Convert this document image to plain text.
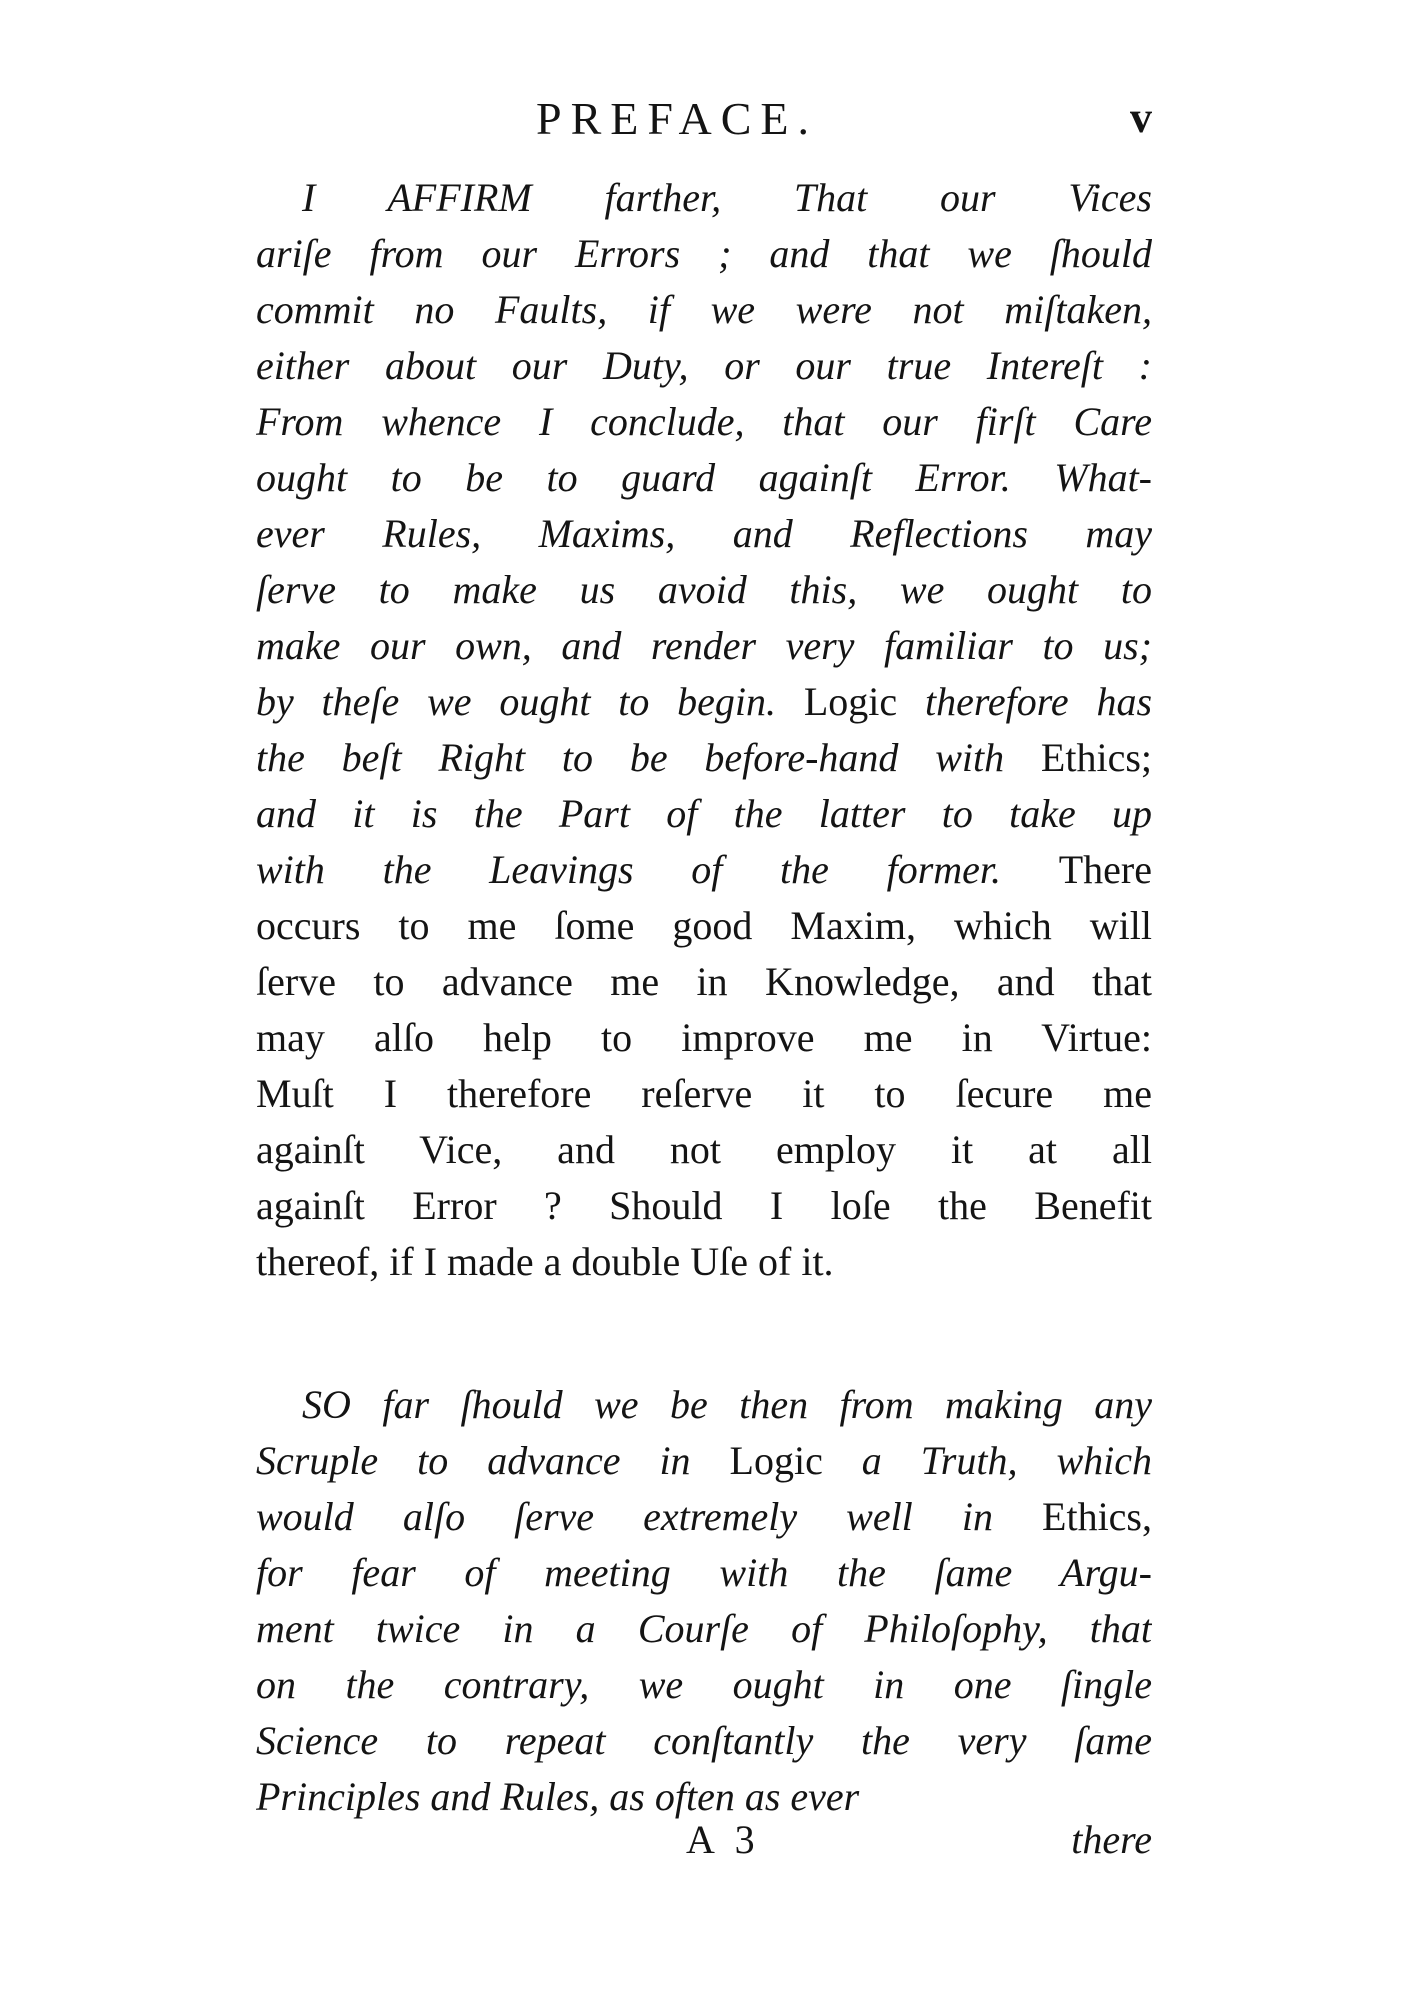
PREFACE.	v
I AFFIRM farther, That our Vices
ariſe from our Errors ; and that we ſhould
commit no Faults, if we were not miſtaken,
either about our Duty, or our true Intereſt :
From whence I conclude, that our firſt Care
ought to be to guard againſt Error. What-
ever Rules, Maxims, and Reflections may
ſerve to make us avoid this, we ought to
make our own, and render very familiar to us;
by theſe we ought to begin. Logic therefore has
the beſt Right to be before-hand with Ethics;
and it is the Part of the latter to take up
with the Leavings of the former. There
occurs to me ſome good Maxim, which will
ſerve to advance me in Knowledge, and that
may alſo help to improve me in Virtue:
Muſt I therefore reſerve it to ſecure me
againſt Vice, and not employ it at all
againſt Error ? Should I loſe the Benefit
thereof, if I made a double Uſe of it.
SO far ſhould we be then from making any
Scruple to advance in Logic a Truth, which
would alſo ſerve extremely well in Ethics,
for fear of meeting with the ſame Argu-
ment twice in a Courſe of Philoſophy, that
on the contrary, we ought in one ſingle
Science to repeat conſtantly the very ſame
Principles and Rules, as often as ever
A 3	there
